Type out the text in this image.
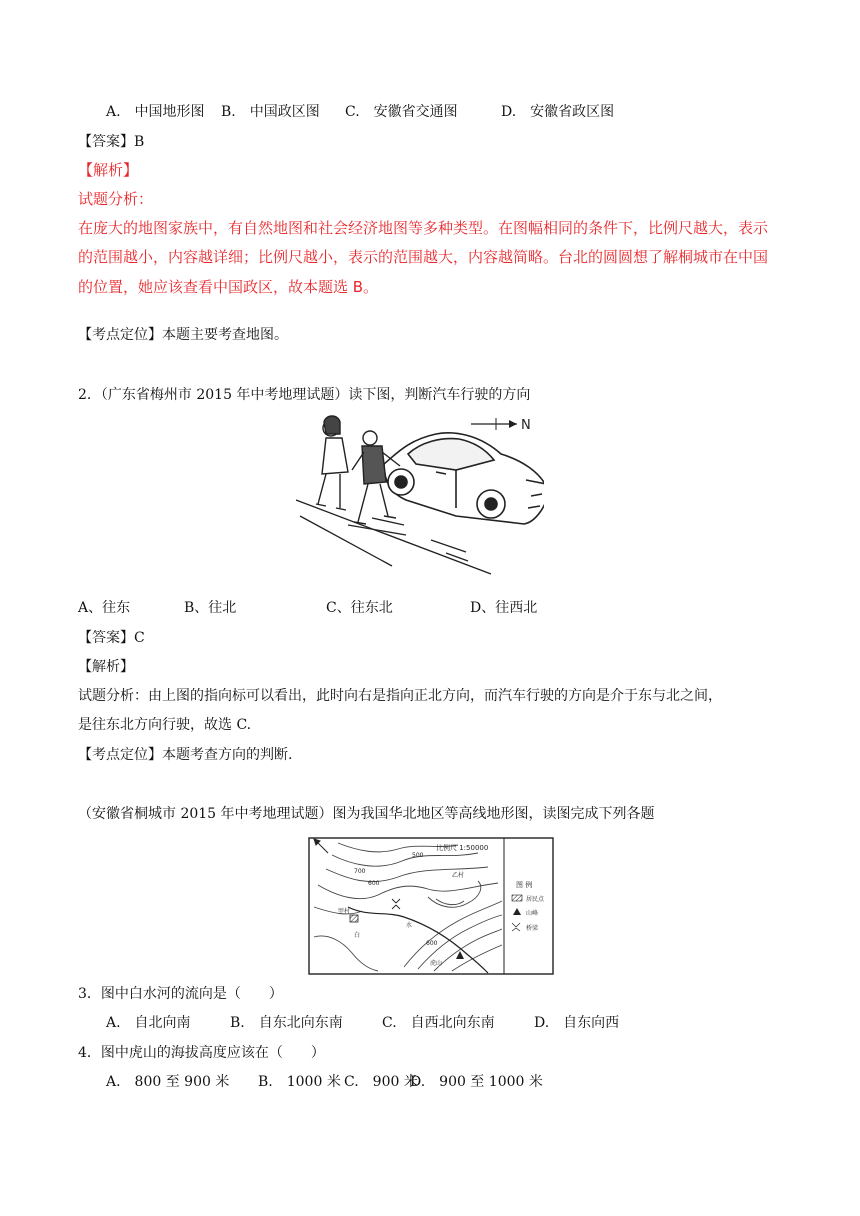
A.　中国地形图 B.　中国政区图 C.　安徽省交通图	D.　安徽省政区图
【答案】B
【解析】
试题分析：
在庞大的地图家族中，有自然地图和社会经济地图等多种类型。在图幅相同的条件下，比例尺越大，表示
的范围越小，内容越详细；比例尺越小，表示的范围越大，内容越简略。台北的圆圆想了解桐城市在中国
的位置，她应该查看中国政区，故本题选 B。
【考点定位】本题主要考查地图。
2．（广东省梅州市 2015 年中考地理试题）读下图，判断汽车行驶的方向
N
A、往东	B、往北	C、往东北	D、往西北
【答案】C
【解析】
试题分析：由上图的指向标可以看出，此时向右是指向正北方向，而汽车行驶的方向是介于东与北之间，
是往东北方向行驶，故选 C.
【考点定位】本题考查方向的判断.
（安徽省桐城市 2015 年中考地理试题）图为我国华北地区等高线地形图，读图完成下列各题
比例尺 1:50000
700
600
500
600
甲村
白
水
乙村
虎山
图 例
居民点
山峰
桥梁
3．图中白水河的流向是（　　）
A.　自北向南	B.　自东北向东南	C.　自西北向东南	D.　自东向西
4．图中虎山的海拔高度应该在（　　）
A.　800 至 900 米 B.　1000 米 C.　900 米D.　900 至 1000 米
